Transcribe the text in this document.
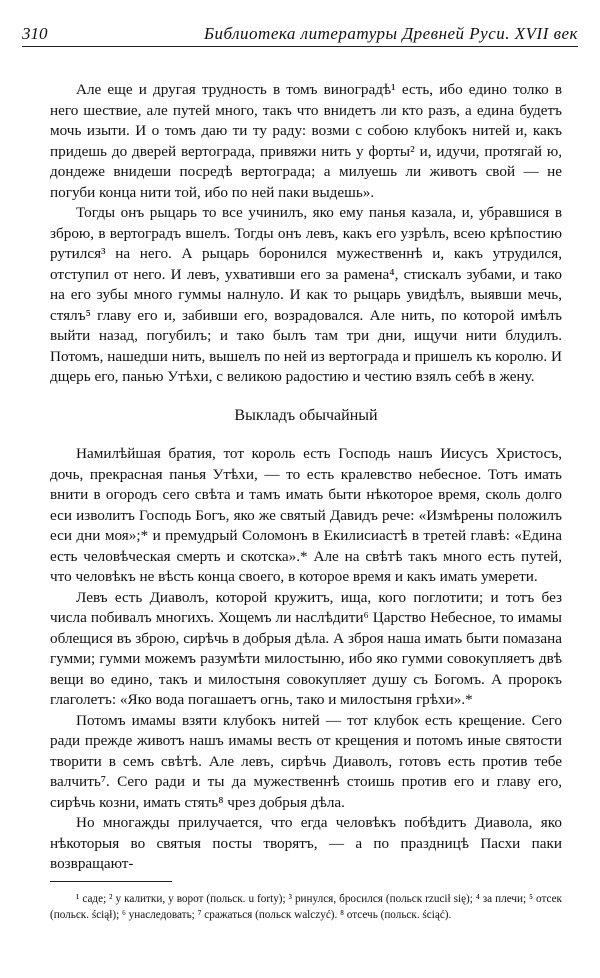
310	Библиотека литературы Древней Руси. XVII век

Але еще и другая трудность в томъ виноградѣ¹ есть, ибо едино толко в него шествие, але путей много, такъ что внидетъ ли кто разъ, а единa будетъ мочь изыти. И о томъ даю ти ту раду: возми с собою клубокъ нитей и, какъ придешь до дверей вертограда, привяжи нить у форты² и, идучи, протягай ю, дондеже внидеши посредѣ вертограда; а милуешь ли животъ свой — не погуби конца нити той, ибо по ней паки выдешь».

Тогды онъ рыцарь то все учинилъ, яко ему панья казала, и, убравшися в зброю, в вертоградъ вшелъ. Тогды онъ левъ, какъ его узрѣлъ, всею крѣпостию рутился³ на него. А рыцарь боронился мужественнѣ и, какъ утрудился, отступил от него. И левъ, ухвативши его за рамена⁴, стискалъ зубами, и тако на его зубы много гуммы налнуло. И как то рыцарь увидѣлъ, выявши мечь, стялъ⁵ главу его и, забивши его, возрадовался. Але нить, по которой имѣлъ выйти назад, погубилъ; и тако былъ там три дни, ищучи нити блудилъ. Потомъ, нашедши нить, вышелъ по ней из вертограда и пришелъ къ королю. И дщерь его, панью Утѣхи, с великою радостию и честию взялъ себѣ в жену.

Выкладъ обычайный

Намилѣйшая братия, тот король есть Господь нашъ Иисусъ Христосъ, дочь, прекрасная панья Утѣхи, — то есть кралевство небесное. Тотъ имать внити в огородъ сего свѣта и тамъ имать быти нѣкоторое время, сколь долго еси изволитъ Господь Богъ, яко же святый Давидъ рече: «Измѣрены положилъ еси дни моя»;* и премудрый Соломонъ в Екилисиастѣ в третей главѣ: «Едина есть человѣческая смерть и скотска».* Але на свѣтѣ такъ много есть путей, что человѣкъ не вѣсть конца своего, в которое время и какъ имать умерети.

Левъ есть Диаволъ, которой кружитъ, ища, кого поглотити; и тотъ без числа побивалъ многихъ. Хощемъ ли наслѣдити⁶ Царство Небесное, то имамы облещися въ зброю, сирѣчь в добрыя дѣла. А зброя наша имать быти помазана гумми; гумми можемъ разумѣти милостыню, ибо яко гумми совокупляетъ двѣ вещи во едино, такъ и милостыня совокупляет душу съ Богомъ. А пророкъ глаголетъ: «Яко вода погашаетъ огнь, тако и милостыня грѣхи».*

Потомъ имамы взяти клубокъ нитей — тот клубок есть крещение. Сего ради прежде животъ нашъ имамы весть от крещения и потомъ иные святости творити в семъ свѣтѣ. Але левъ, сирѣчь Диаволъ, готовъ есть против тебе валчить⁷. Сего ради и ты да мужественнѣ стоишь против его и главу его, сирѣчь козни, имать стять⁸ чрез добрыя дѣла.

Но многажды прилучается, что егда человѣкъ побѣдитъ Диавола, яко нѣкоторыя во святыя посты творятъ, — а по праздницѣ Пасхи паки возвращают-

¹ саде; ² у калитки, у ворот (польск. u forty); ³ ринулся, бросился (польск rzucił się); ⁴ за плечи; ⁵ отсек (польск. ściął); ⁶ унаследовать; ⁷ сражаться (польск walczyć). ⁸ отсечь (польск. ściąć).
